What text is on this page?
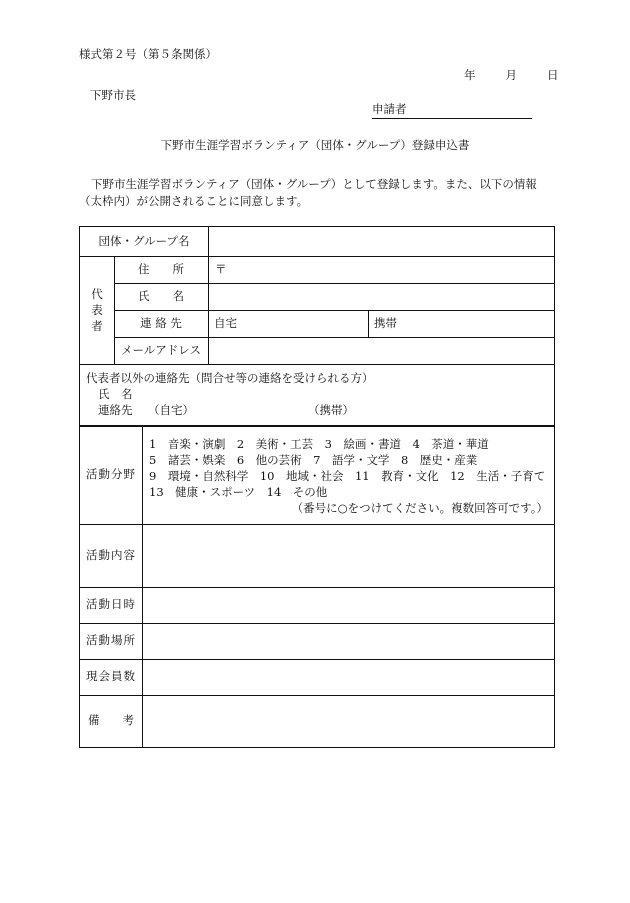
様式第２号（第５条関係）
年	月	日
下野市長
申請者
下野市生涯学習ボランティア（団体・グループ）登録申込書
下野市生涯学習ボランティア（団体・グループ）として登録します。また、以下の情報（太枠内）が公開されることに同意します。
団体・グループ名
代
表
者
住　　所	〒
氏　　名
連 絡 先	自宅	携帯
メールアドレス
代表者以外の連絡先（問合せ等の連絡を受けられる方）
氏　名
連絡先 （自宅）	（携帯）
活動分野
1　音楽・演劇　2　美術・工芸　3　絵画・書道　4　茶道・華道
5　諸芸・娯楽　6　他の芸術　7　語学・文学　8　歴史・産業
9　環境・自然科学　10　地域・社会　11　教育・文化　12　生活・子育て
13　健康・スポーツ　14　その他
（番号に○をつけてください。複数回答可です。）
活動内容
活動日時
活動場所
現会員数
備　　考
